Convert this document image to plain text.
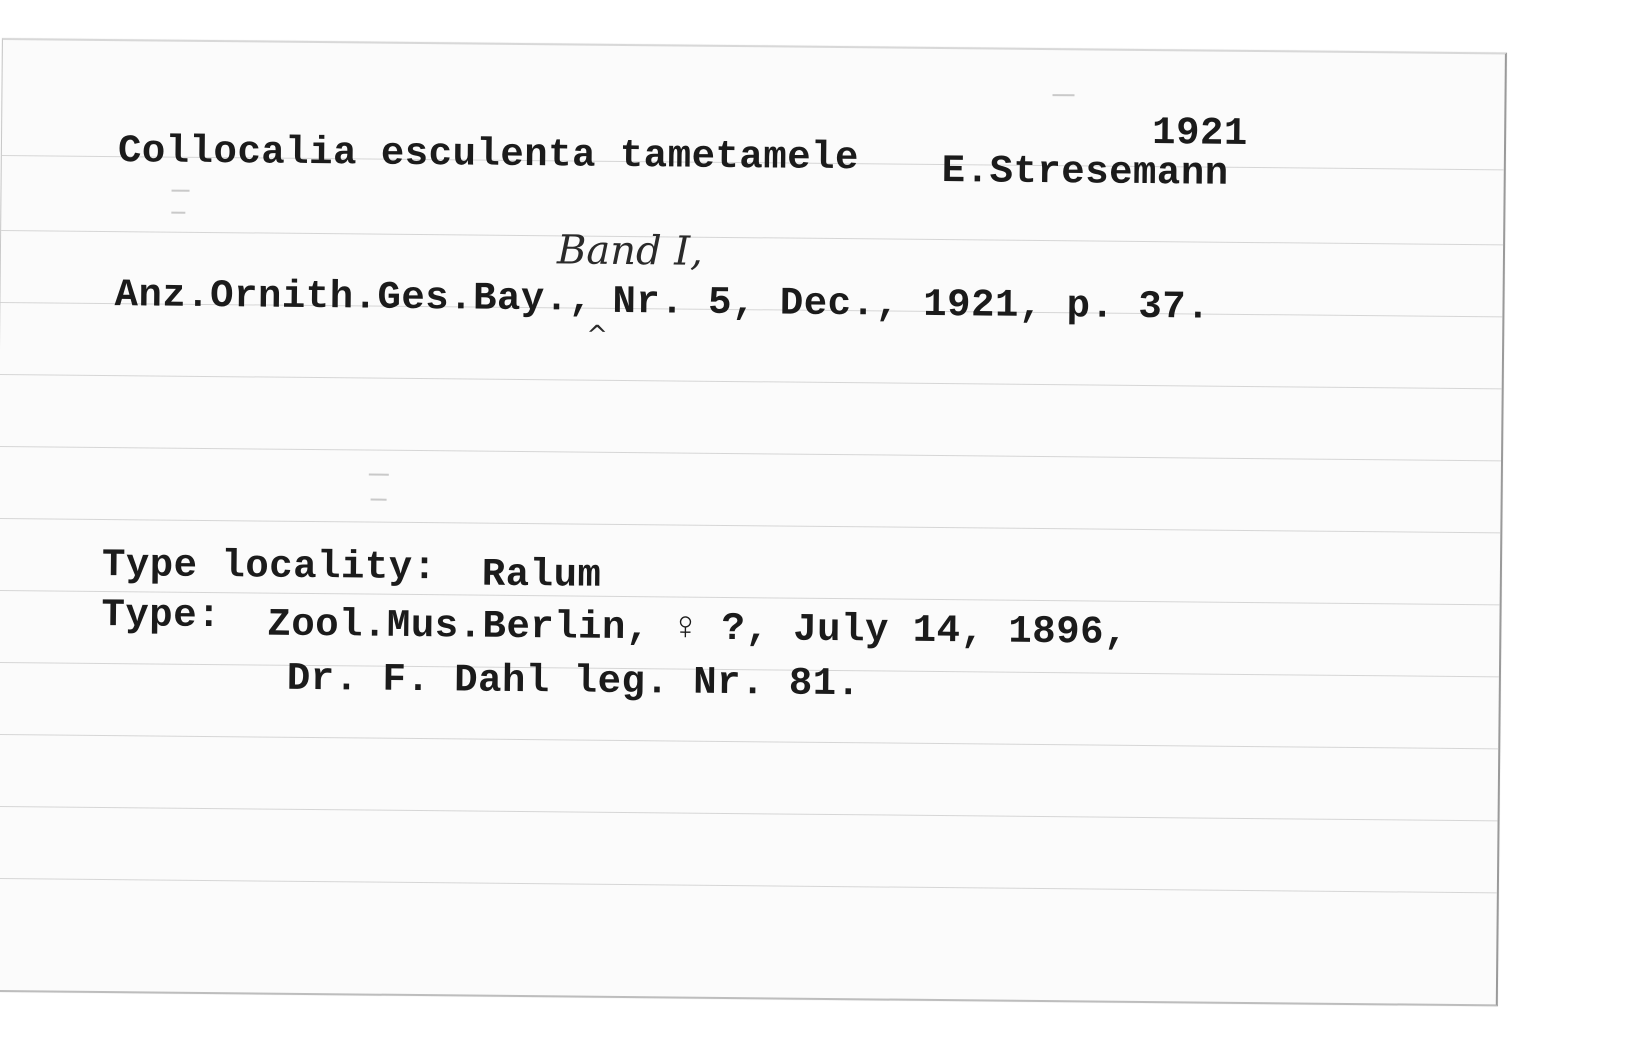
1921
Collocalia esculenta tametamele E.Stresemann
Band I,
Anz.Ornith.Ges.Bay.,
^
Nr. 5, Dec., 1921, p. 37.
Type locality: Ralum
Type: Zool.Mus.Berlin, ♀ ?, July 14, 1896,
Dr. F. Dahl leg. Nr. 81.
